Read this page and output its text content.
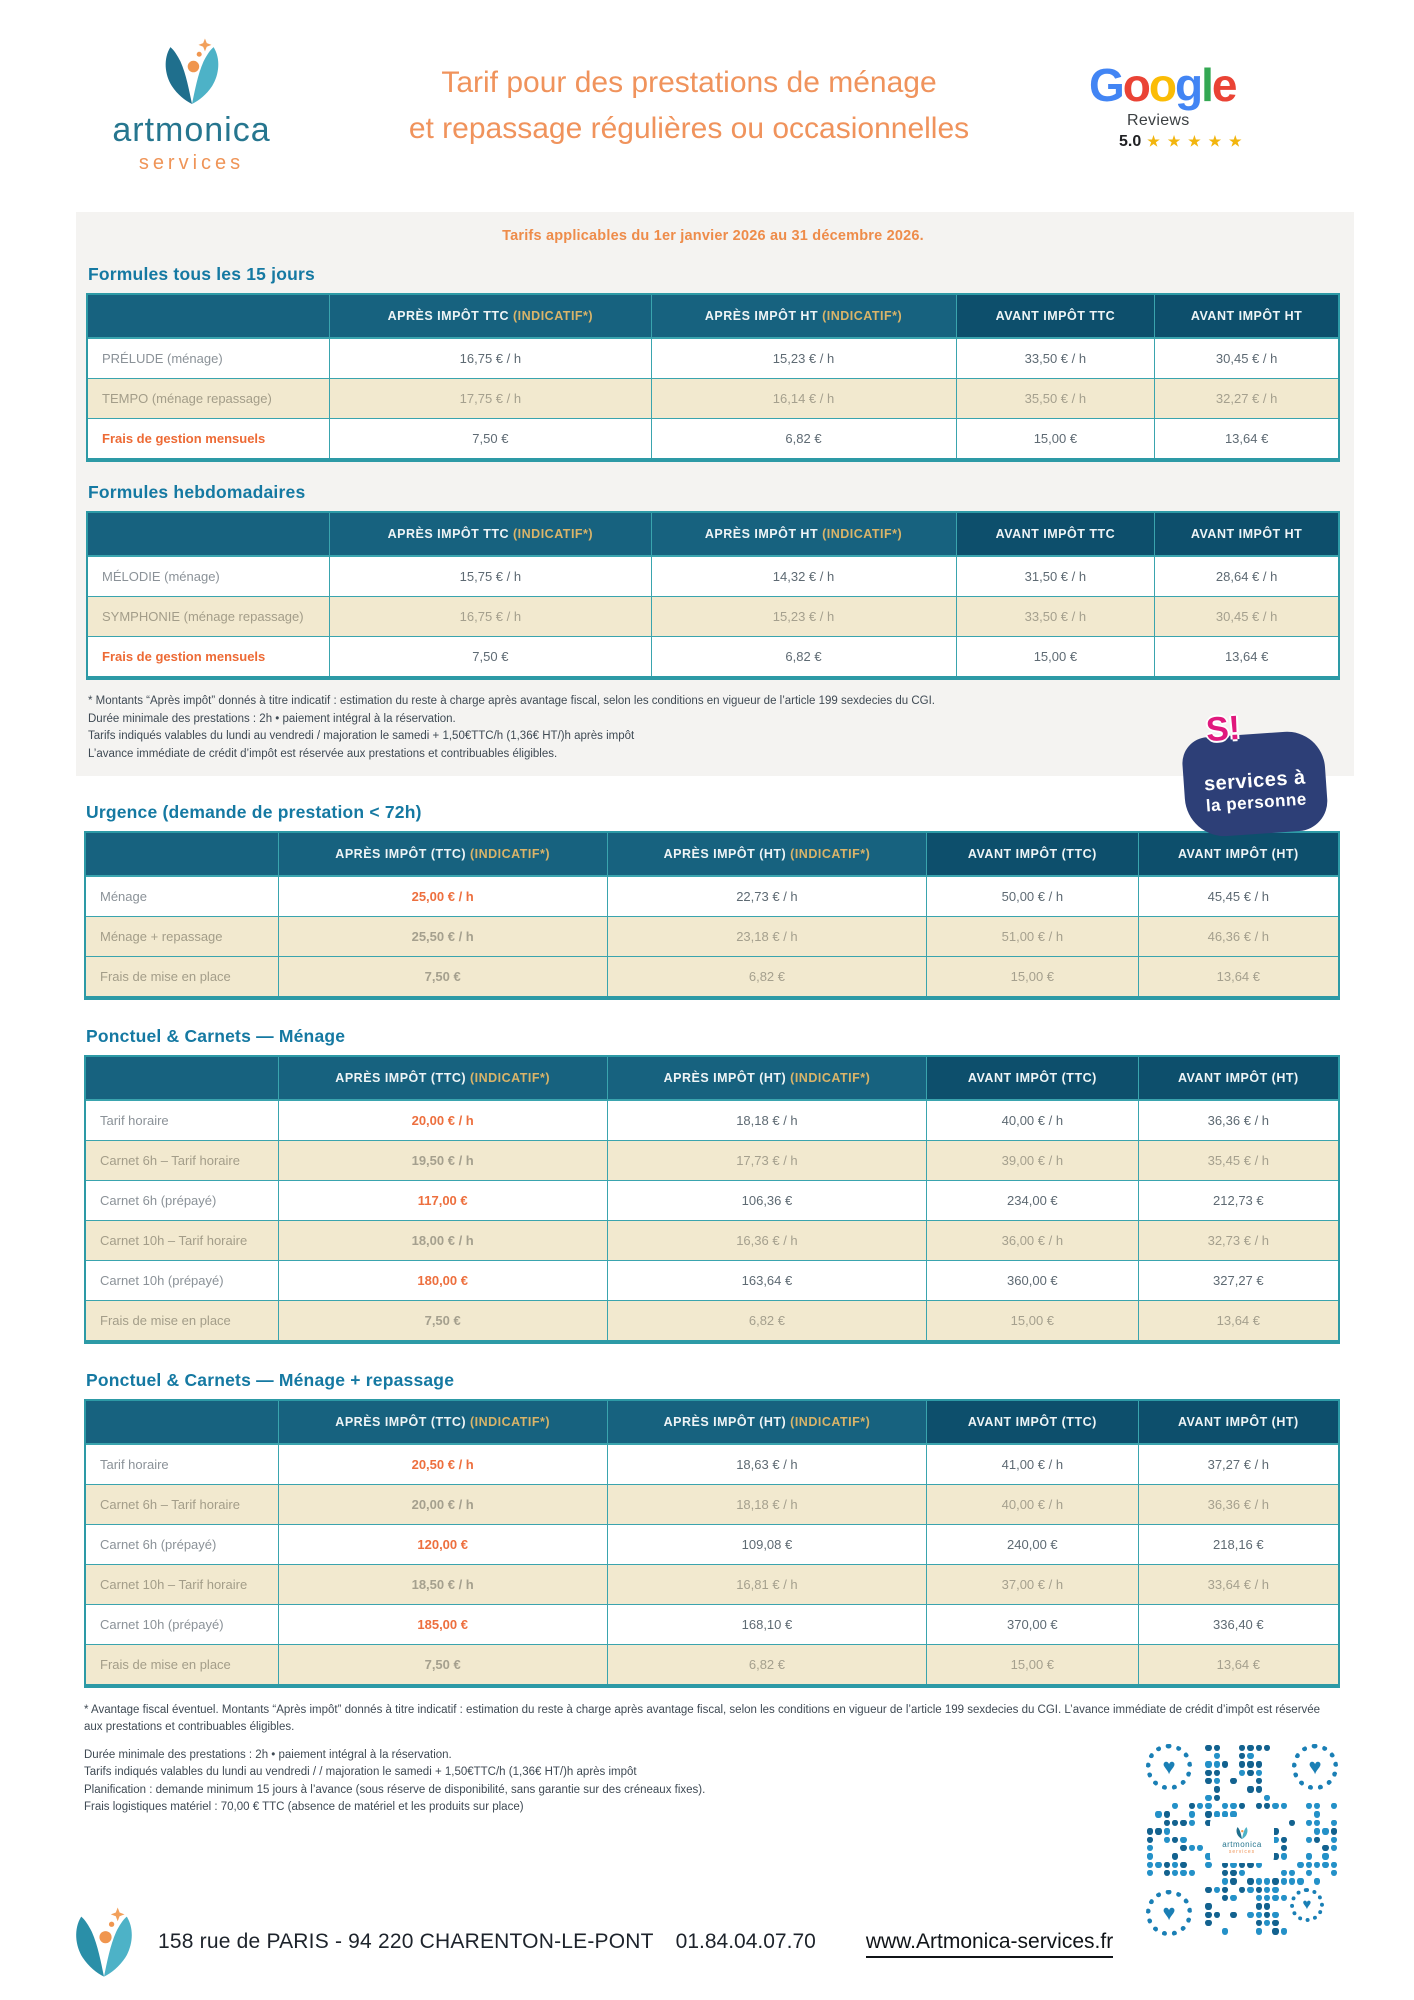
artmonica
services
Tarif pour des prestations de ménage
et repassage régulières ou occasionnelles
Google
Reviews
5.0 ★ ★ ★ ★ ★
Tarifs applicables du 1er janvier 2026 au 31 décembre 2026.
Formules tous les 15 jours
	APRÈS IMPÔT TTC (INDICATIF*)	APRÈS IMPÔT HT (INDICATIF*)	AVANT IMPÔT TTC	AVANT IMPÔT HT
PRÉLUDE (ménage)	16,75 € / h	15,23 € / h	33,50 € / h	30,45 € / h
TEMPO (ménage repassage)	17,75 € / h	16,14 € / h	35,50 € / h	32,27 € / h
Frais de gestion mensuels	7,50 €	6,82 €	15,00 €	13,64 €
Formules hebdomadaires
	APRÈS IMPÔT TTC (INDICATIF*)	APRÈS IMPÔT HT (INDICATIF*)	AVANT IMPÔT TTC	AVANT IMPÔT HT
MÉLODIE (ménage)	15,75 € / h	14,32 € / h	31,50 € / h	28,64 € / h
SYMPHONIE (ménage repassage)	16,75 € / h	15,23 € / h	33,50 € / h	30,45 € / h
Frais de gestion mensuels	7,50 €	6,82 €	15,00 €	13,64 €
* Montants “Après impôt” donnés à titre indicatif : estimation du reste à charge après avantage fiscal, selon les conditions en vigueur de l’article 199 sexdecies du CGI.
Durée minimale des prestations : 2h • paiement intégral à la réservation.
Tarifs indiqués valables du lundi au vendredi / majoration le samedi + 1,50€TTC/h (1,36€ HT/)h après impôt
L’avance immédiate de crédit d’impôt est réservée aux prestations et contribuables éligibles.
S!
services à
la personne
Urgence (demande de prestation < 72h)
	APRÈS IMPÔT (TTC) (INDICATIF*)	APRÈS IMPÔT (HT) (INDICATIF*)	AVANT IMPÔT (TTC)	AVANT IMPÔT (HT)
Ménage	25,00 € / h	22,73 € / h	50,00 € / h	45,45 € / h
Ménage + repassage	25,50 € / h	23,18 € / h	51,00 € / h	46,36 € / h
Frais de mise en place	7,50 €	6,82 €	15,00 €	13,64 €
Ponctuel & Carnets — Ménage
	APRÈS IMPÔT (TTC) (INDICATIF*)	APRÈS IMPÔT (HT) (INDICATIF*)	AVANT IMPÔT (TTC)	AVANT IMPÔT (HT)
Tarif horaire	20,00 € / h	18,18 € / h	40,00 € / h	36,36 € / h
Carnet 6h – Tarif horaire	19,50 € / h	17,73 € / h	39,00 € / h	35,45 € / h
Carnet 6h (prépayé)	117,00 €	106,36 €	234,00 €	212,73 €
Carnet 10h – Tarif horaire	18,00 € / h	16,36 € / h	36,00 € / h	32,73 € / h
Carnet 10h (prépayé)	180,00 €	163,64 €	360,00 €	327,27 €
Frais de mise en place	7,50 €	6,82 €	15,00 €	13,64 €
Ponctuel & Carnets — Ménage + repassage
	APRÈS IMPÔT (TTC) (INDICATIF*)	APRÈS IMPÔT (HT) (INDICATIF*)	AVANT IMPÔT (TTC)	AVANT IMPÔT (HT)
Tarif horaire	20,50 € / h	18,63 € / h	41,00 € / h	37,27 € / h
Carnet 6h – Tarif horaire	20,00 € / h	18,18 € / h	40,00 € / h	36,36 € / h
Carnet 6h (prépayé)	120,00 €	109,08 €	240,00 €	218,16 €
Carnet 10h – Tarif horaire	18,50 € / h	16,81 € / h	37,00 € / h	33,64 € / h
Carnet 10h (prépayé)	185,00 €	168,10 €	370,00 €	336,40 €
Frais de mise en place	7,50 €	6,82 €	15,00 €	13,64 €
* Avantage fiscal éventuel. Montants “Après impôt” donnés à titre indicatif : estimation du reste à charge après avantage fiscal, selon les conditions en vigueur de l’article 199 sexdecies du CGI. L’avance immédiate de crédit d’impôt est réservée aux prestations et contribuables éligibles.
Durée minimale des prestations : 2h • paiement intégral à la réservation.
Tarifs indiqués valables du lundi au vendredi / / majoration le samedi + 1,50€TTC/h (1,36€ HT/)h après impôt
Planification : demande minimum 15 jours à l’avance (sous réserve de disponibilité, sans garantie sur des créneaux fixes).
Frais logistiques matériel : 70,00 € TTC (absence de matériel et les produits sur place)
♥	♥
♥	♥
artmonica
services
158 rue de PARIS - 94 220 CHARENTON-LE-PONT 01.84.04.07.70 www.Artmonica-services.fr
